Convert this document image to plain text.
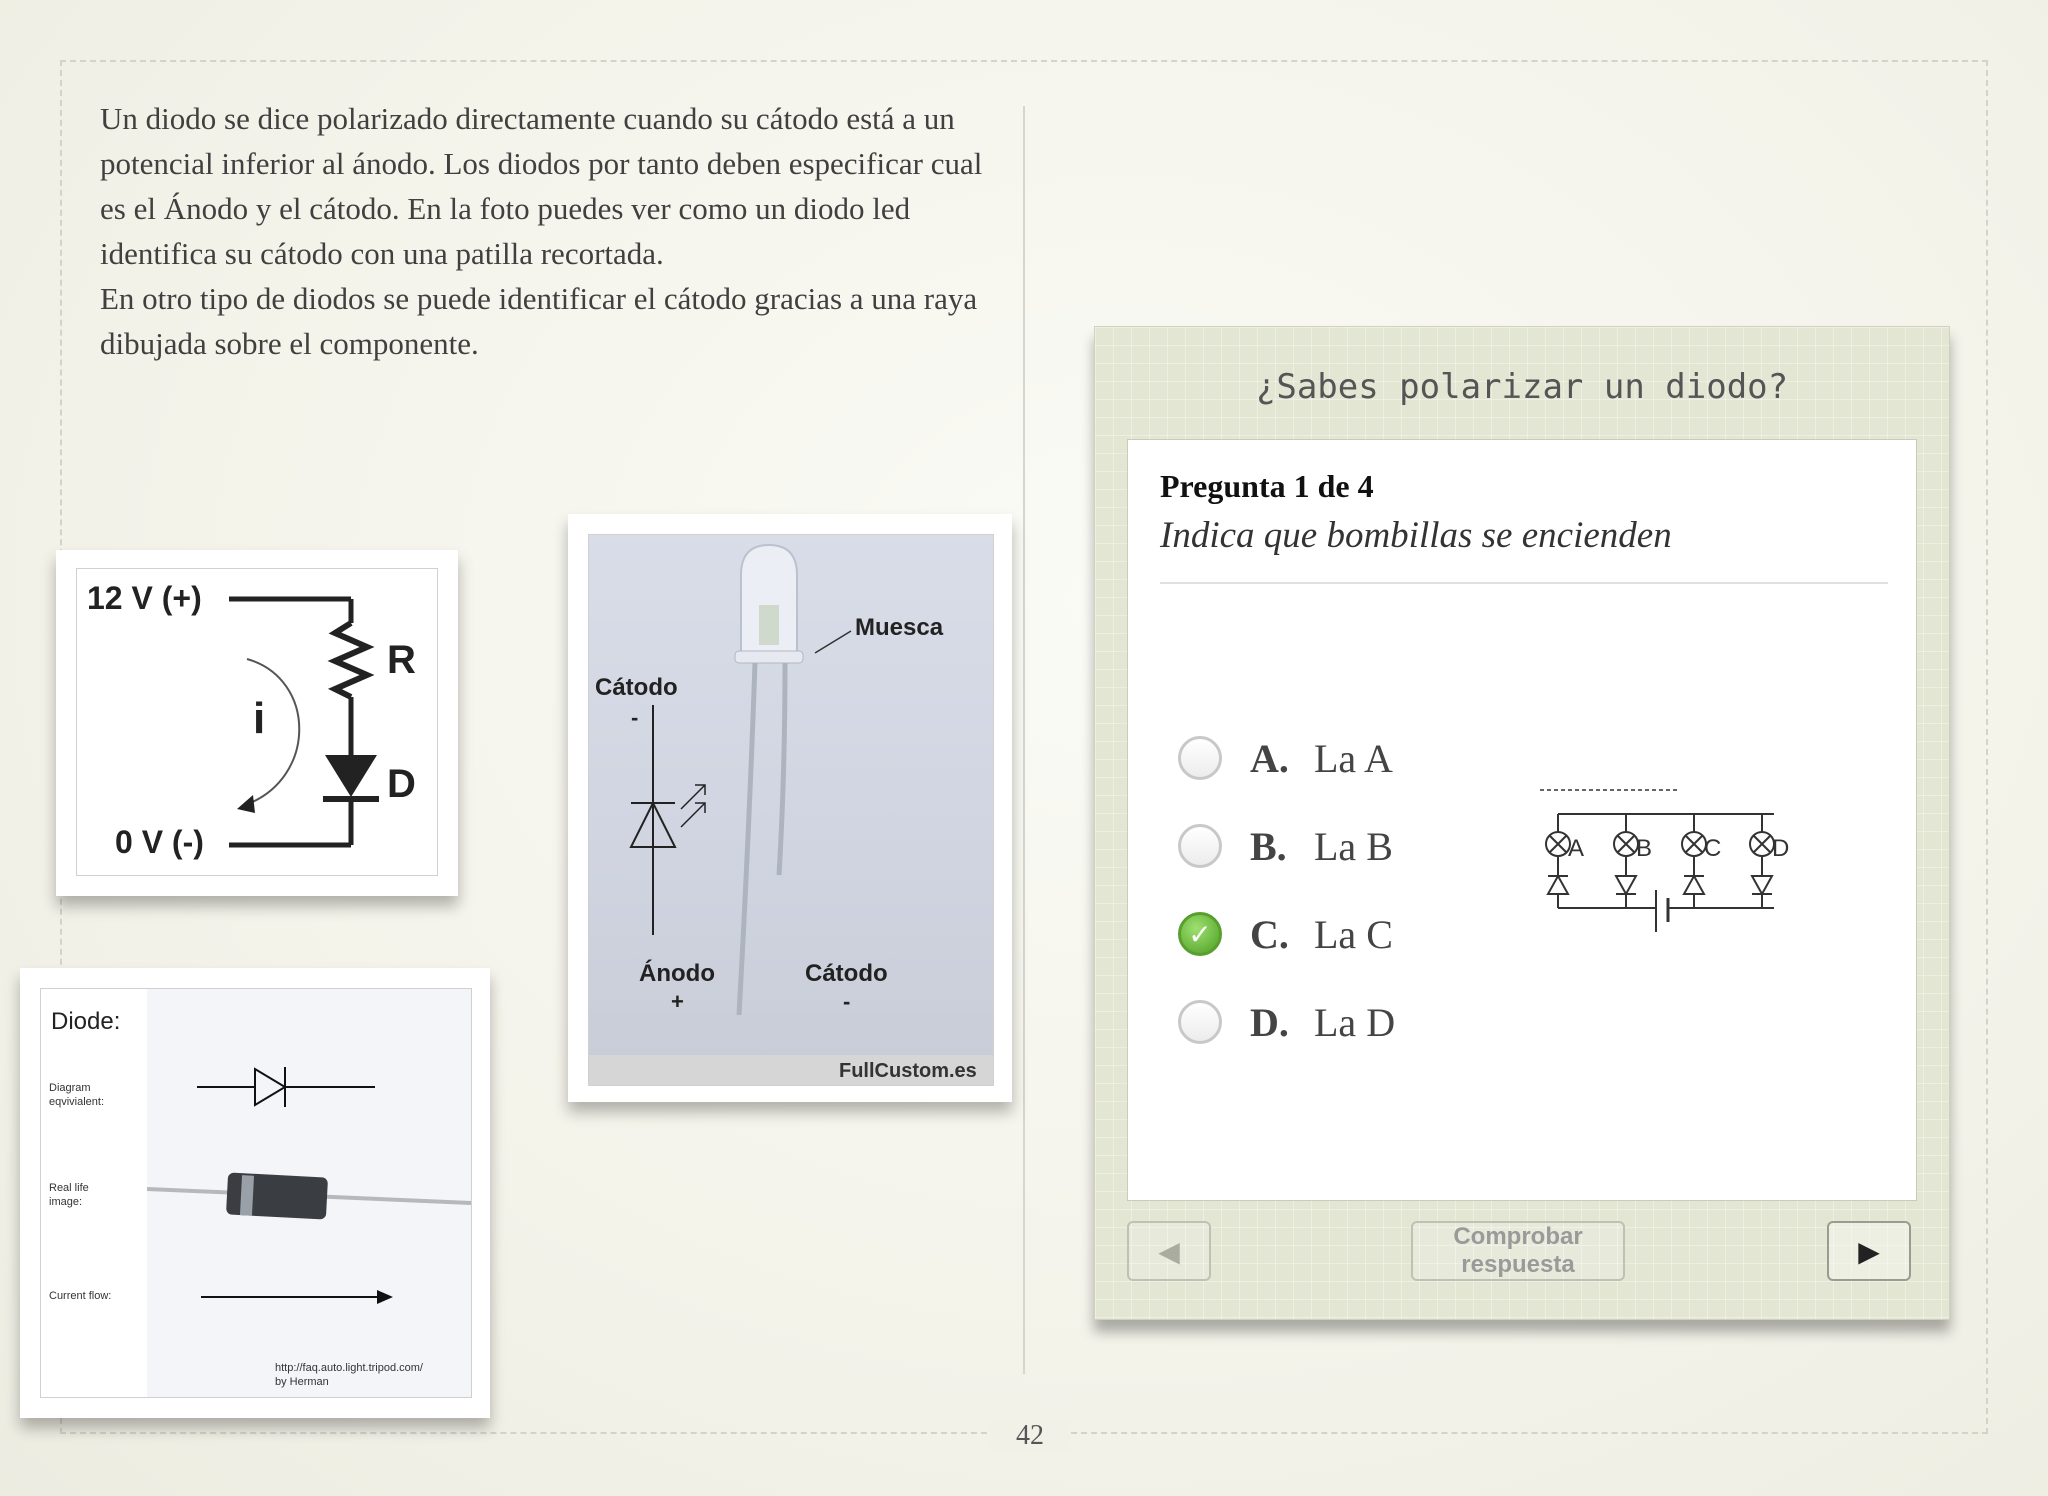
Un diodo se dice polarizado directamente cuando su cátodo está a un potencial inferior al ánodo. Los diodos por tanto deben especificar cual es el Ánodo y el cátodo. En la foto puedes ver como un diodo led identifica su cátodo con una patilla recortada.

En otro tipo de diodos se puede identificar el cátodo gracias a una raya dibujada sobre el componente.

12 V (+)
R
D
i
0 V (-)
Muesca
Cátodo
-
Ánodo
+
Cátodo
-
FullCustom.es
Diode:
Diagram
eqvivialent:
Real life
image:
Current flow:
http://faq.auto.light.tripod.com/
by Herman
¿Sabes polarizar un diodo?
Pregunta 1 de 4
Indica que bombillas se encienden
A. La A
B. La B
✓ C. La C
D. La D
A B C D
◀	Comprobar
respuesta	▶
42
